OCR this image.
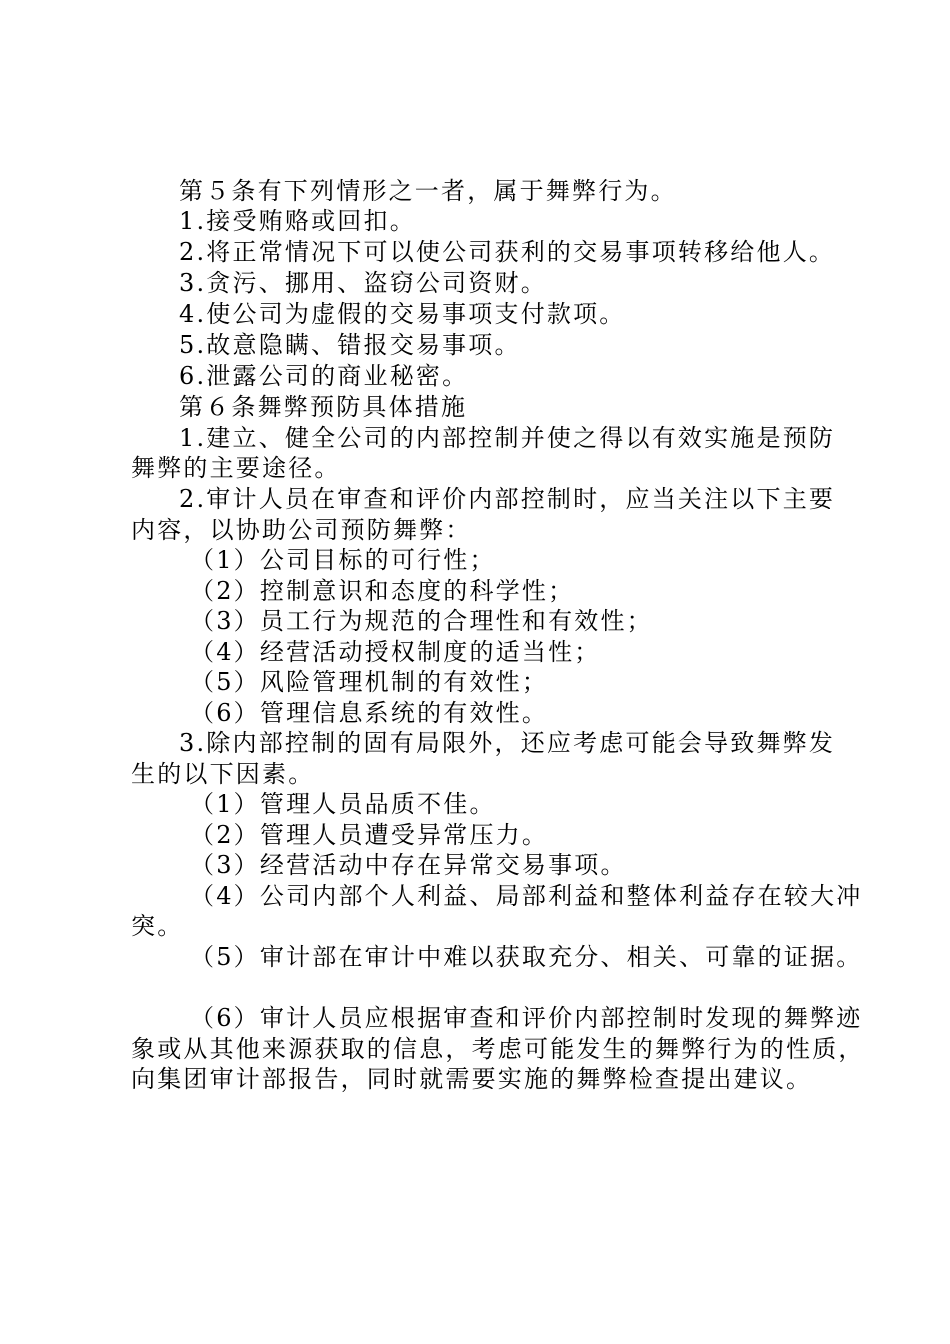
第５条有下列情形之一者，属于舞弊行为。
1.接受贿赂或回扣。
2.将正常情况下可以使公司获利的交易事项转移给他人。
3.贪污、挪用、盗窃公司资财。
4.使公司为虚假的交易事项支付款项。
5.故意隐瞒、错报交易事项。
6.泄露公司的商业秘密。
第６条舞弊预防具体措施
1.建立、健全公司的内部控制并使之得以有效实施是预防
舞弊的主要途径。
2.审计人员在审查和评价内部控制时，应当关注以下主要
内容，以协助公司预防舞弊：
（1）公司目标的可行性；
（2）控制意识和态度的科学性；
（3）员工行为规范的合理性和有效性；
（4）经营活动授权制度的适当性；
（5）风险管理机制的有效性；
（6）管理信息系统的有效性。
3.除内部控制的固有局限外，还应考虑可能会导致舞弊发
生的以下因素。
（1）管理人员品质不佳。
（2）管理人员遭受异常压力。
（3）经营活动中存在异常交易事项。
（4）公司内部个人利益、局部利益和整体利益存在较大冲
突。
（5）审计部在审计中难以获取充分、相关、可靠的证据。
（6）审计人员应根据审查和评价内部控制时发现的舞弊迹
象或从其他来源获取的信息，考虑可能发生的舞弊行为的性质，
向集团审计部报告，同时就需要实施的舞弊检查提出建议。
